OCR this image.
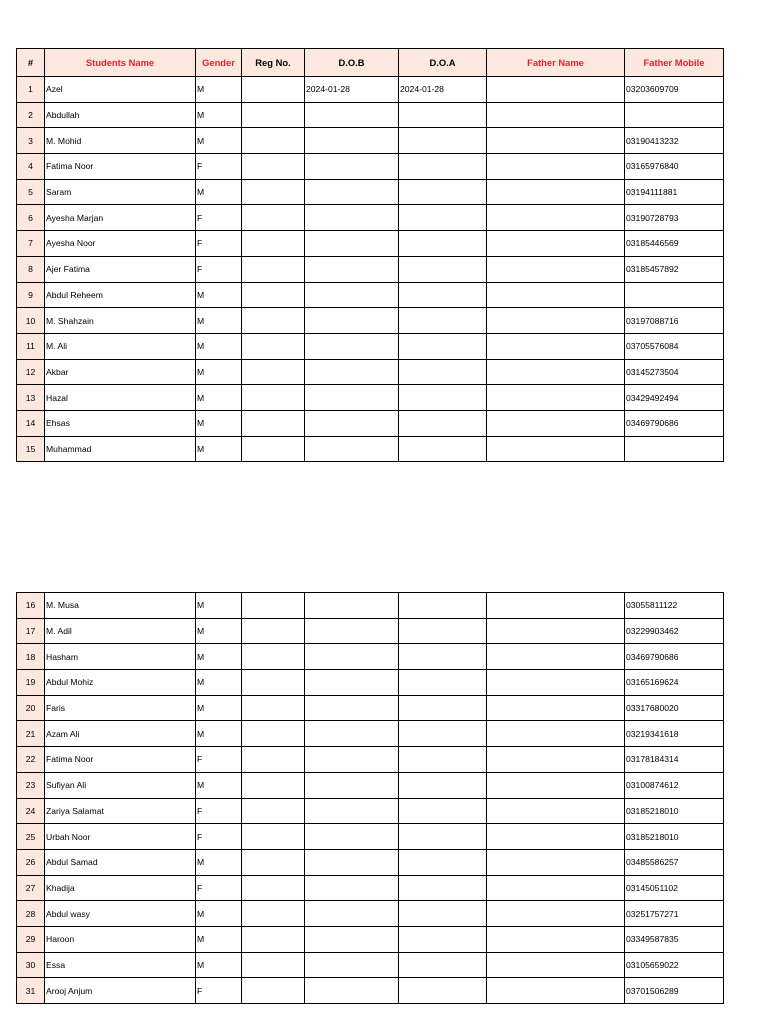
#	Students Name	Gender	Reg No.	D.O.B	D.O.A	Father Name	Father Mobile
1	Azel	M		2024-01-28	2024-01-28		03203609709
2	Abdullah	M					
3	M. Mohid	M					03190413232
4	Fatima Noor	F					03165976840
5	Saram	M					03194111881
6	Ayesha Marjan	F					03190728793
7	Ayesha Noor	F					03185446569
8	Ajer Fatima	F					03185457892
9	Abdul Reheem	M					
10	M. Shahzain	M					03197088716
11	M. Ali	M					03705576084
12	Akbar	M					03145273504
13	Hazal	M					03429492494
14	Ehsas	M					03469790686
15	Muhammad	M					
16	M. Musa	M					03055811122
17	M. Adil	M					03229903462
18	Hasham	M					03469790686
19	Abdul Mohiz	M					03165169624
20	Faris	M					03317680020
21	Azam Ali	M					03219341618
22	Fatima Noor	F					03178184314
23	Sufiyan Ali	M					03100874612
24	Zariya Salamat	F					03185218010
25	Urbah Noor	F					03185218010
26	Abdul Samad	M					03485586257
27	Khadija	F					03145051102
28	Abdul wasy	M					03251757271
29	Haroon	M					03349587835
30	Essa	M					03105659022
31	Arooj Anjum	F					03701506289
